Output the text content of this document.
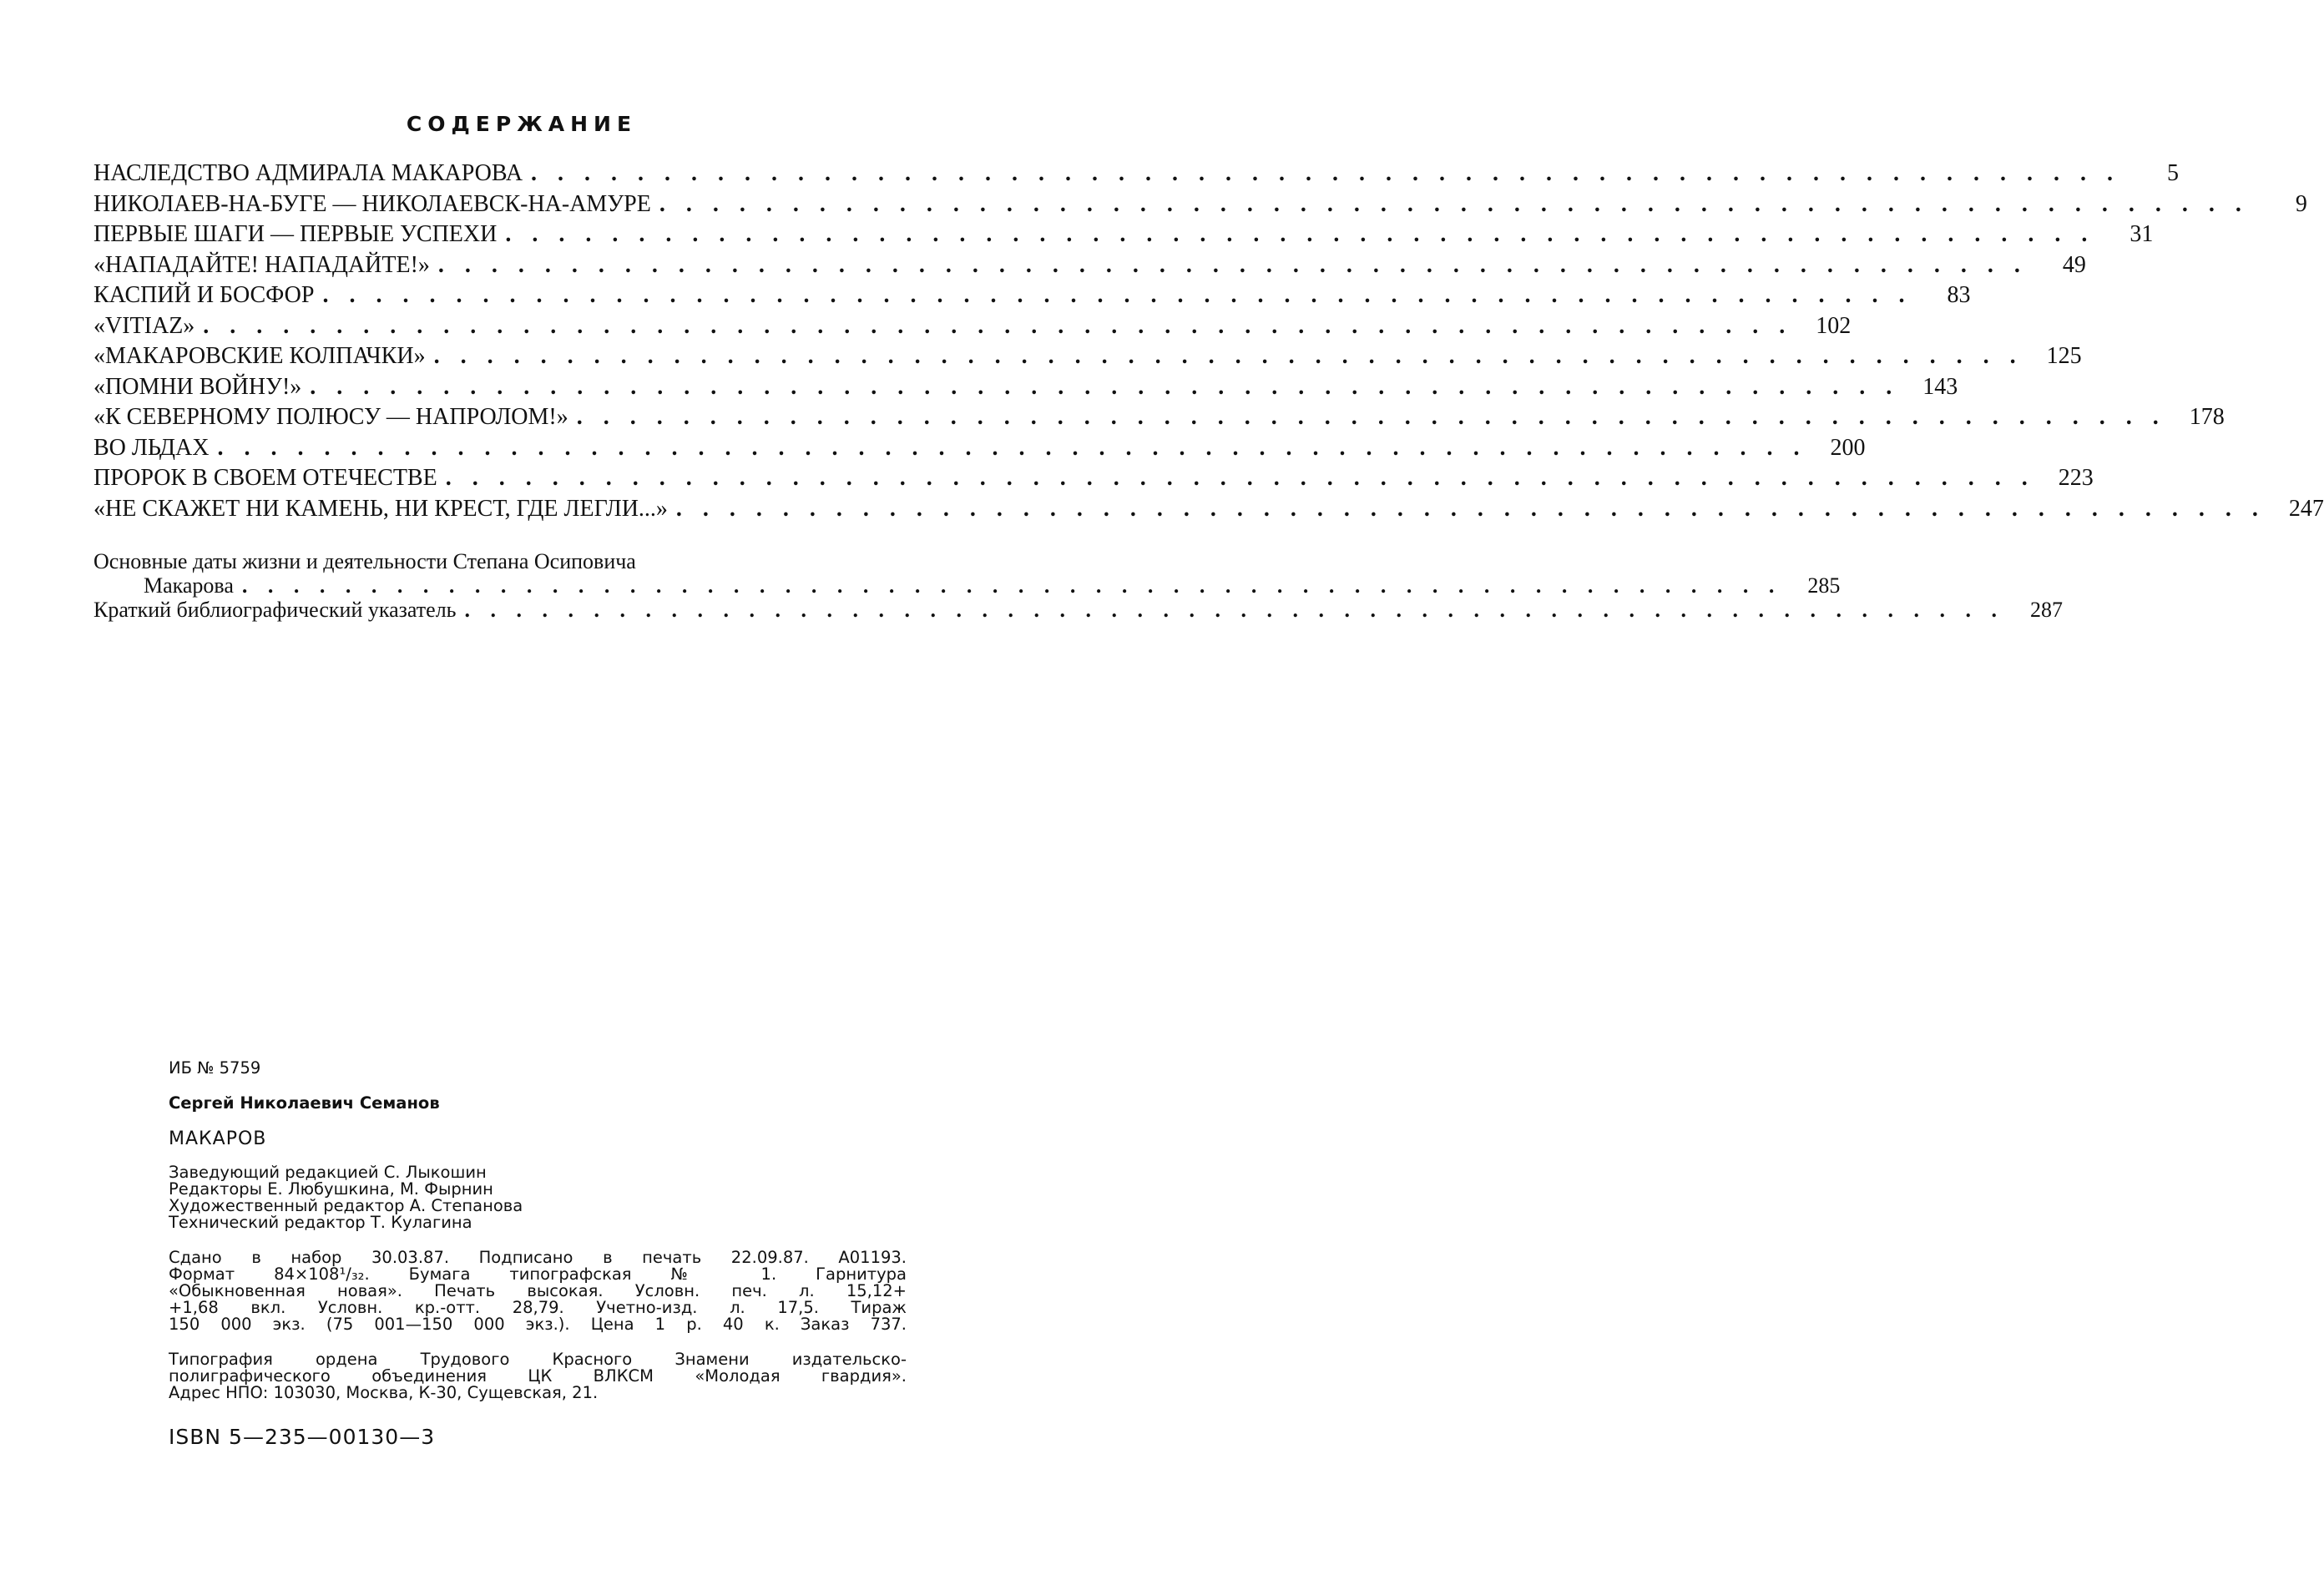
СОДЕРЖАНИЕ
НАСЛЕДСТВО АДМИРАЛА МАКАРОВА . . . . . . . . . . . . . . . . . . . . . . . . . . . . . . . . . . . . . . . . . . . . . . . . . . . . . . . . . . . .	5
НИКОЛАЕВ-НА-БУГЕ — НИКОЛАЕВСК-НА-АМУРЕ . . . . . . . . . . . . . . . . . . . . . . . . . . . . . . . . . . . . . . . . . . . . . . . . . . . . . . . . . . . .	9
ПЕРВЫЕ ШАГИ — ПЕРВЫЕ УСПЕХИ . . . . . . . . . . . . . . . . . . . . . . . . . . . . . . . . . . . . . . . . . . . . . . . . . . . . . . . . . . . .	31
«НАПАДАЙТЕ! НАПАДАЙТЕ!» . . . . . . . . . . . . . . . . . . . . . . . . . . . . . . . . . . . . . . . . . . . . . . . . . . . . . . . . . . . .	49
КАСПИЙ И БОСФОР . . . . . . . . . . . . . . . . . . . . . . . . . . . . . . . . . . . . . . . . . . . . . . . . . . . . . . . . . . . .	83
«VITIAZ» . . . . . . . . . . . . . . . . . . . . . . . . . . . . . . . . . . . . . . . . . . . . . . . . . . . . . . . . . . . .	102
«МАКАРОВСКИЕ КОЛПАЧКИ» . . . . . . . . . . . . . . . . . . . . . . . . . . . . . . . . . . . . . . . . . . . . . . . . . . . . . . . . . . . .	125
«ПОМНИ ВОЙНУ!» . . . . . . . . . . . . . . . . . . . . . . . . . . . . . . . . . . . . . . . . . . . . . . . . . . . . . . . . . . . .	143
«К СЕВЕРНОМУ ПОЛЮСУ — НАПРОЛОМ!» . . . . . . . . . . . . . . . . . . . . . . . . . . . . . . . . . . . . . . . . . . . . . . . . . . . . . . . . . . . .	178
ВО ЛЬДАХ . . . . . . . . . . . . . . . . . . . . . . . . . . . . . . . . . . . . . . . . . . . . . . . . . . . . . . . . . . . .	200
ПРОРОК В СВОЕМ ОТЕЧЕСТВЕ . . . . . . . . . . . . . . . . . . . . . . . . . . . . . . . . . . . . . . . . . . . . . . . . . . . . . . . . . . . .	223
«НЕ СКАЖЕТ НИ КАМЕНЬ, НИ КРЕСТ, ГДЕ ЛЕГЛИ...» . . . . . . . . . . . . . . . . . . . . . . . . . . . . . . . . . . . . . . . . . . . . . . . . . . . . . . . . . . . .	247
Основные даты жизни и деятельности Степана Осиповича
Макарова . . . . . . . . . . . . . . . . . . . . . . . . . . . . . . . . . . . . . . . . . . . . . . . . . . . . . . . . . . . .	285
Краткий библиографический указатель . . . . . . . . . . . . . . . . . . . . . . . . . . . . . . . . . . . . . . . . . . . . . . . . . . . . . . . . . . . .	287
ИБ № 5759
Сергей Николаевич Семанов
МАКАРОВ
Заведующий редакцией С. Лыкошин
Редакторы Е. Любушкина, М. Фырнин
Художественный редактор А. Степанова
Технический редактор Т. Кулагина
Сдано в набор 30.03.87. Подписано в печать 22.09.87. А01193.
Формат 84×108¹/₃₂. Бумага типографская № 1. Гарнитура
«Обыкновенная новая». Печать высокая. Условн. печ. л. 15,12+
+1,68 вкл. Условн. кр.-отт. 28,79. Учетно-изд. л. 17,5. Тираж
150 000 экз. (75 001—150 000 экз.). Цена 1 р. 40 к. Заказ 737.
Типография ордена Трудового Красного Знамени издательско-
полиграфического объединения ЦК ВЛКСМ «Молодая гвардия».
Адрес НПО: 103030, Москва, К-30, Сущевская, 21.
ISBN 5—235—00130—3
